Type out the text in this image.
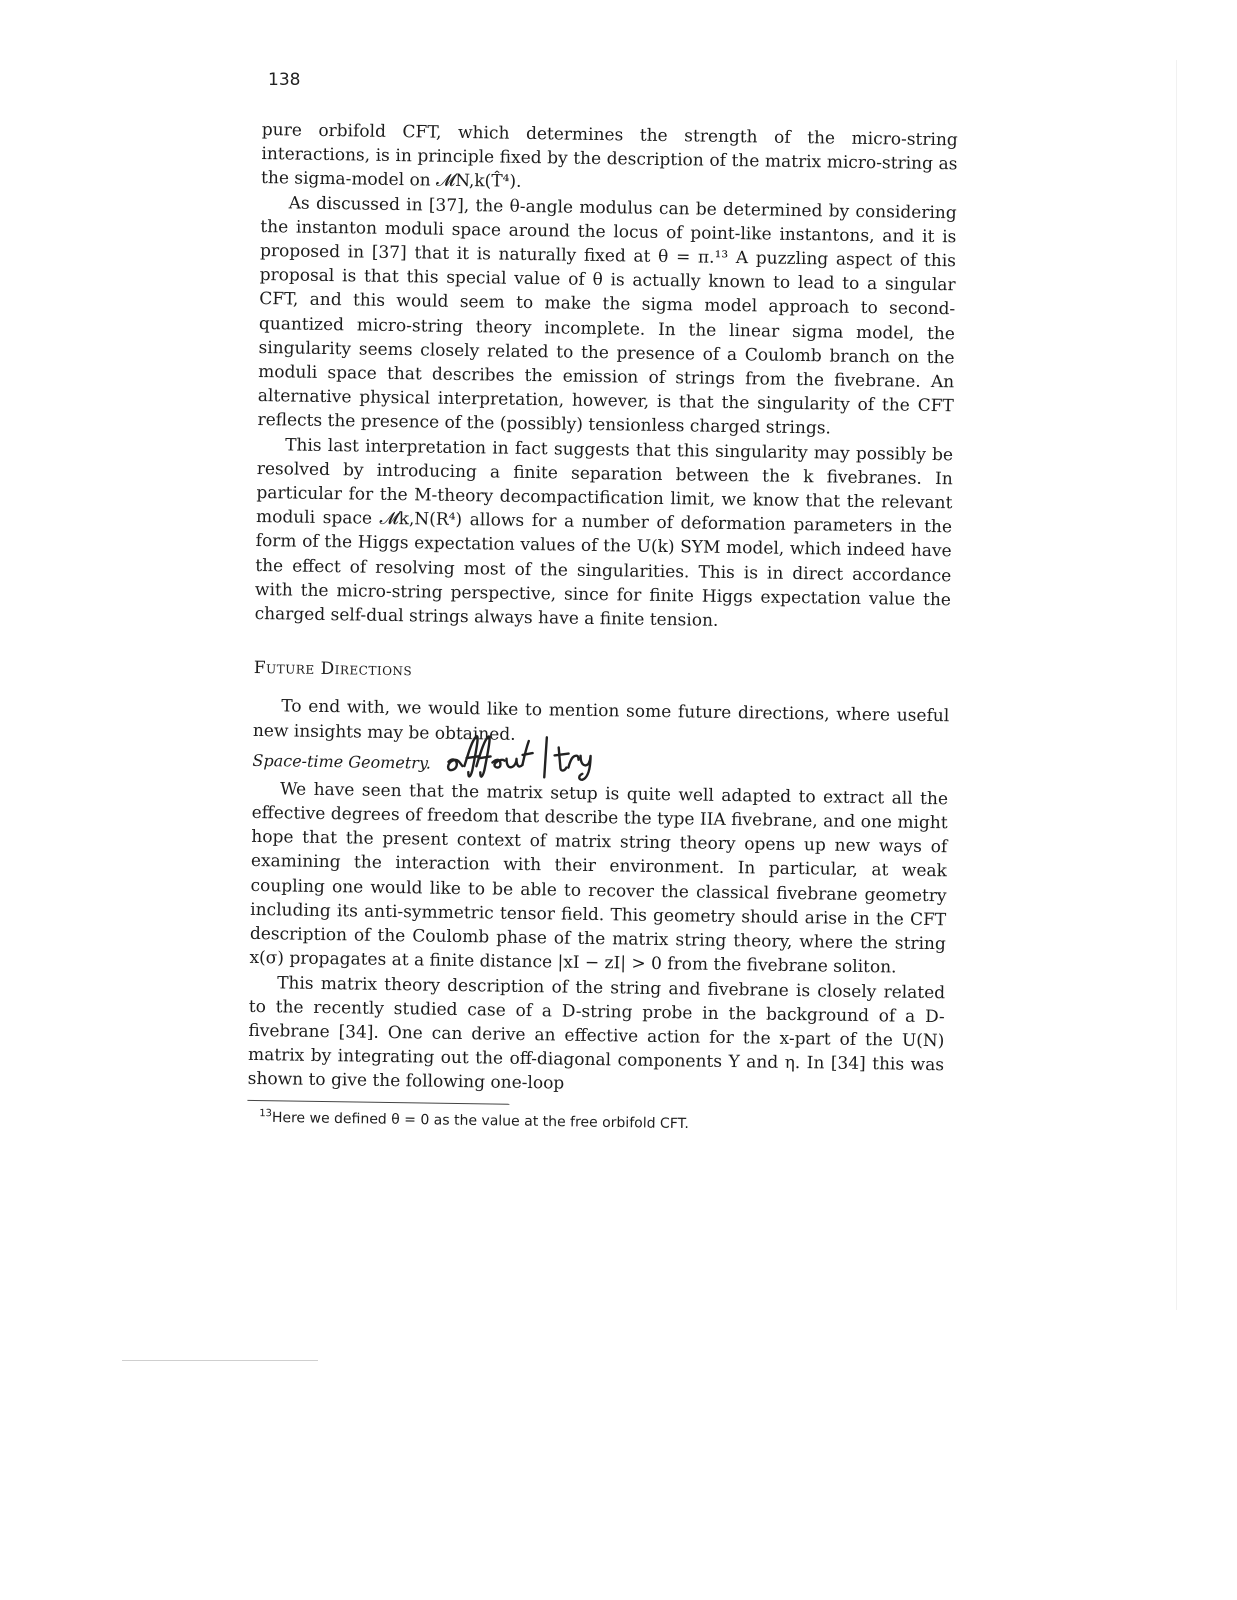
138

pure orbifold CFT, which determines the strength of the micro-string interactions, is in principle fixed by the description of the matrix micro-string as the sigma-model on 𝓜N,k(T̂⁴).

As discussed in [37], the θ-angle modulus can be determined by considering the instanton moduli space around the locus of point-like instantons, and it is proposed in [37] that it is naturally fixed at θ = π.¹³ A puzzling aspect of this proposal is that this special value of θ is actually known to lead to a singular CFT, and this would seem to make the sigma model approach to second-quantized micro-string theory incomplete. In the linear sigma model, the singularity seems closely related to the presence of a Coulomb branch on the moduli space that describes the emission of strings from the fivebrane. An alternative physical interpretation, however, is that the singularity of the CFT reflects the presence of the (possibly) tensionless charged strings.

This last interpretation in fact suggests that this singularity may possibly be resolved by introducing a finite separation between the k fivebranes. In particular for the M-theory decompactification limit, we know that the relevant moduli space 𝓜k,N(R⁴) allows for a number of deformation parameters in the form of the Higgs expectation values of the U(k) SYM model, which indeed have the effect of resolving most of the singularities. This is in direct accordance with the micro-string perspective, since for finite Higgs expectation value the charged self-dual strings always have a finite tension.

Future Directions

To end with, we would like to mention some future directions, where useful new insights may be obtained.

Space-time Geometry.

We have seen that the matrix setup is quite well adapted to extract all the effective degrees of freedom that describe the type IIA fivebrane, and one might hope that the present context of matrix string theory opens up new ways of examining the interaction with their environment. In particular, at weak coupling one would like to be able to recover the classical fivebrane geometry including its anti-symmetric tensor field. This geometry should arise in the CFT description of the Coulomb phase of the matrix string theory, where the string x(σ) propagates at a finite distance |xI − zI| > 0 from the fivebrane soliton.

This matrix theory description of the string and fivebrane is closely related to the recently studied case of a D-string probe in the background of a D-fivebrane [34]. One can derive an effective action for the x-part of the U(N) matrix by integrating out the off-diagonal components Y and η. In [34] this was shown to give the following one-loop

$^{13}$Here we defined θ = 0 as the value at the free orbifold CFT.
